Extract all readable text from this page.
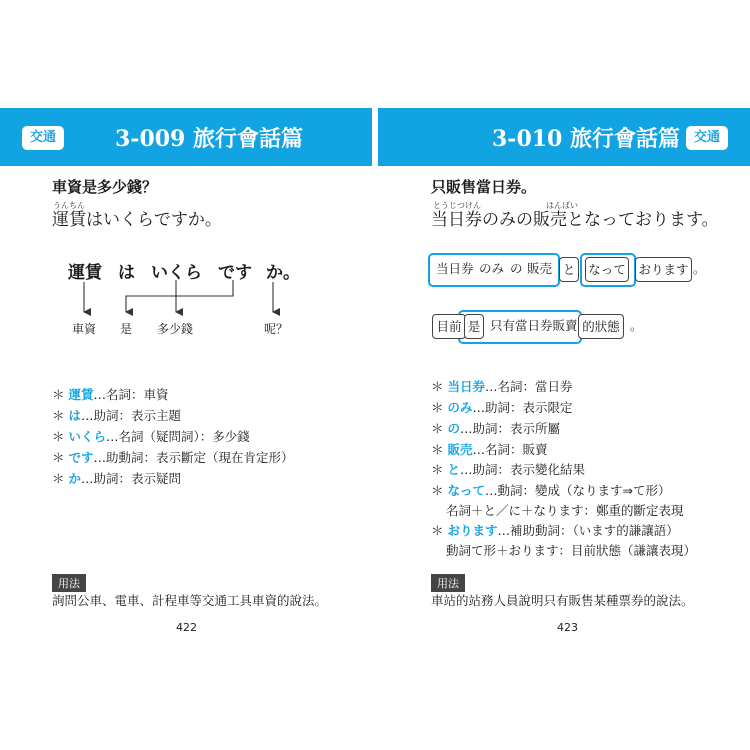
交通	3-009 旅行會話篇	3-010 旅行會話篇	交通
車資是多少錢？
うんちん
運賃はいくらですか。
運賃 は いくら です か。
車資 是 多少錢	呢？
＊ 運賃…名詞：車資
＊ は…助詞：表示主題
＊ いくら…名詞（疑問詞）：多少錢
＊ です…助動詞：表示斷定（現在肯定形）
＊ か…助詞：表示疑問
用法
詢問公車、電車、計程車等交通工具車資的說法。
422
只販售當日券。
とうじつけん	はんばい
当日券のみの販売となっております。
当日券 のみ の 販売 と	なって おります 。
目前 是 只有當日券販賣 的狀態 。
＊ 当日券…名詞：當日券
＊ のみ…助詞：表示限定
＊ の…助詞：表示所屬
＊ 販売…名詞：販賣
＊ と…助詞：表示變化結果
＊ なって…動詞：變成（なります⇒て形）
名詞＋と／に＋なります：鄭重的斷定表現
＊ おります…補助動詞：（います的謙讓語）
動詞て形＋おります：目前狀態（謙讓表現）
用法
車站的站務人員說明只有販售某種票券的說法。
423
